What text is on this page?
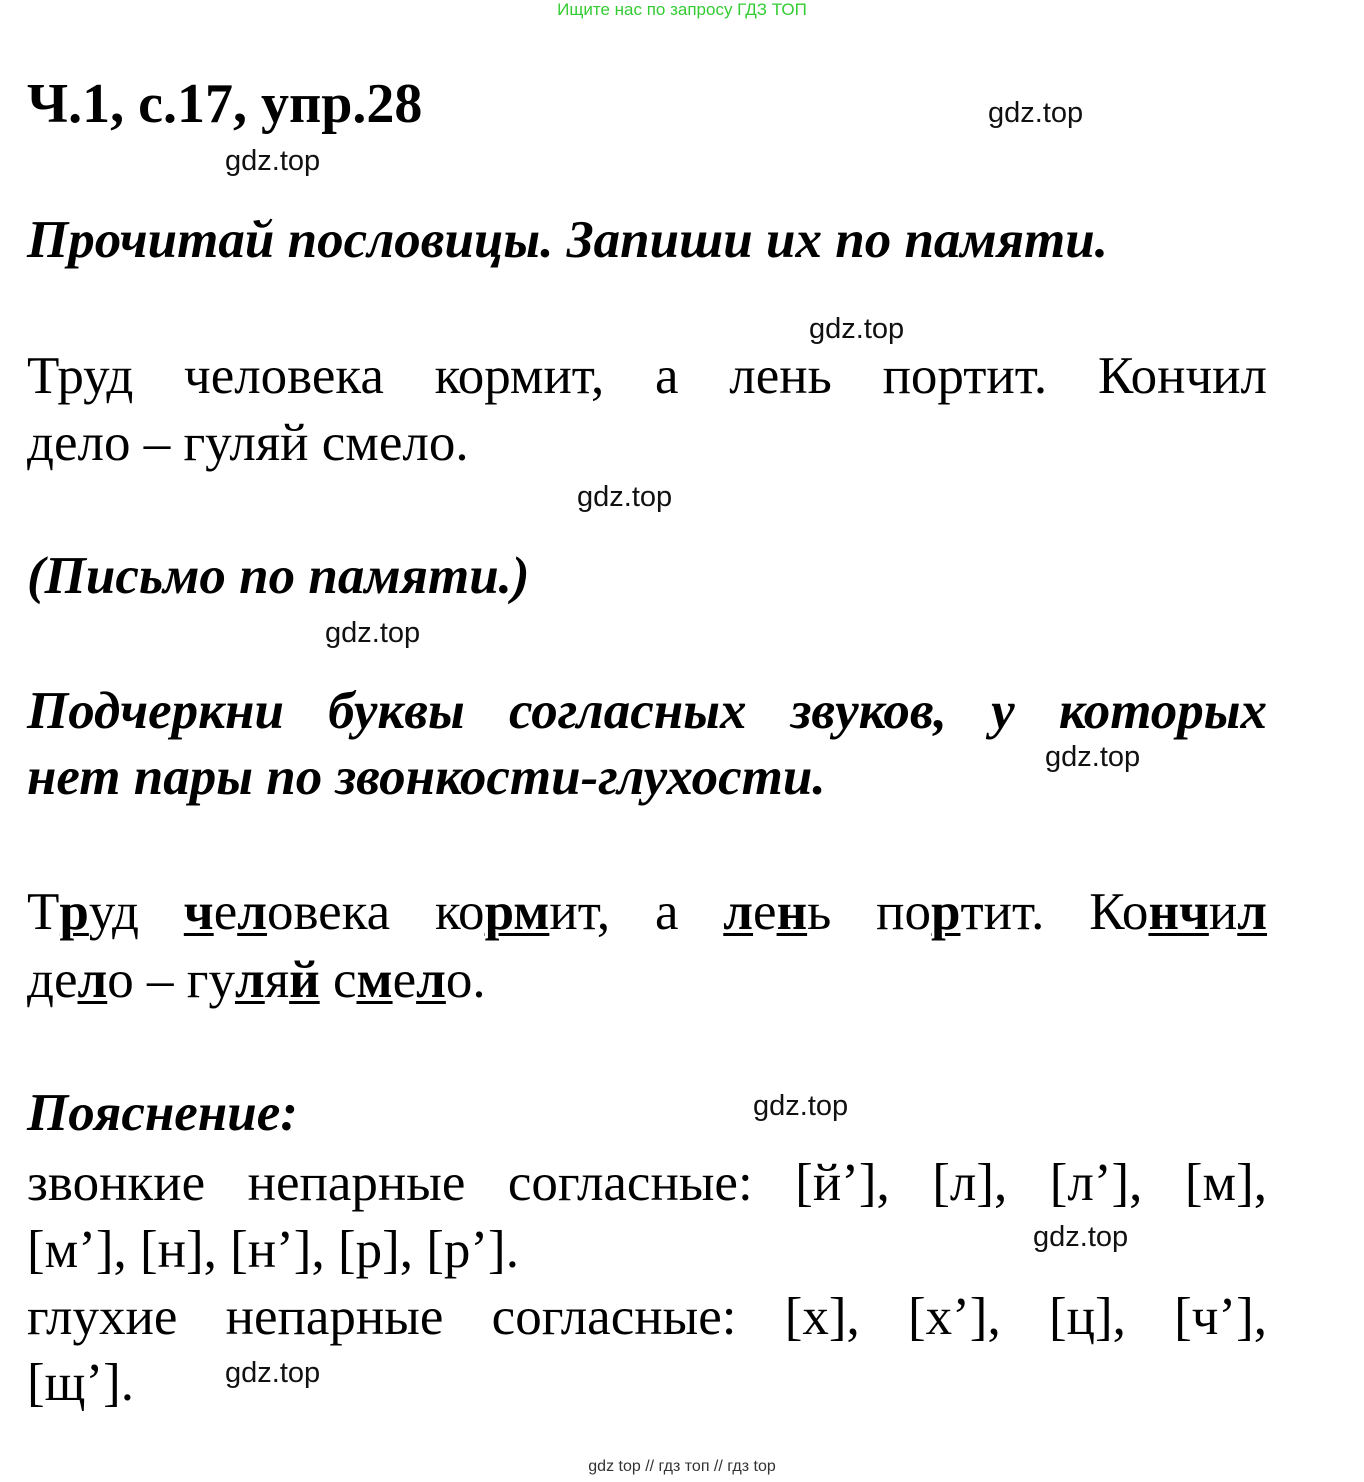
Ищите нас по запросу ГДЗ ТОП
Ч.1, с.17, упр.28	gdz.top
gdz.top
Прочитай пословицы. Запиши их по памяти.
gdz.top
Труд человека кормит, а лень портит. Кончил
дело – гуляй смело.
gdz.top
(Письмо по памяти.)
gdz.top
Подчеркни буквы согласных звуков, у которых
gdz.top
нет пары по звонкости-глухости.
Труд человека кормит, а лень портит. Кончил
дело – гуляй смело.
Пояснение:	gdz.top
звонкие непарные согласные: [й’], [л], [л’], [м],
[м’], [н], [н’], [р], [р’].	gdz.top
глухие непарные согласные: [х], [х’], [ц], [ч’],
[щ’].	gdz.top
gdz top // гдз топ // гдз top
